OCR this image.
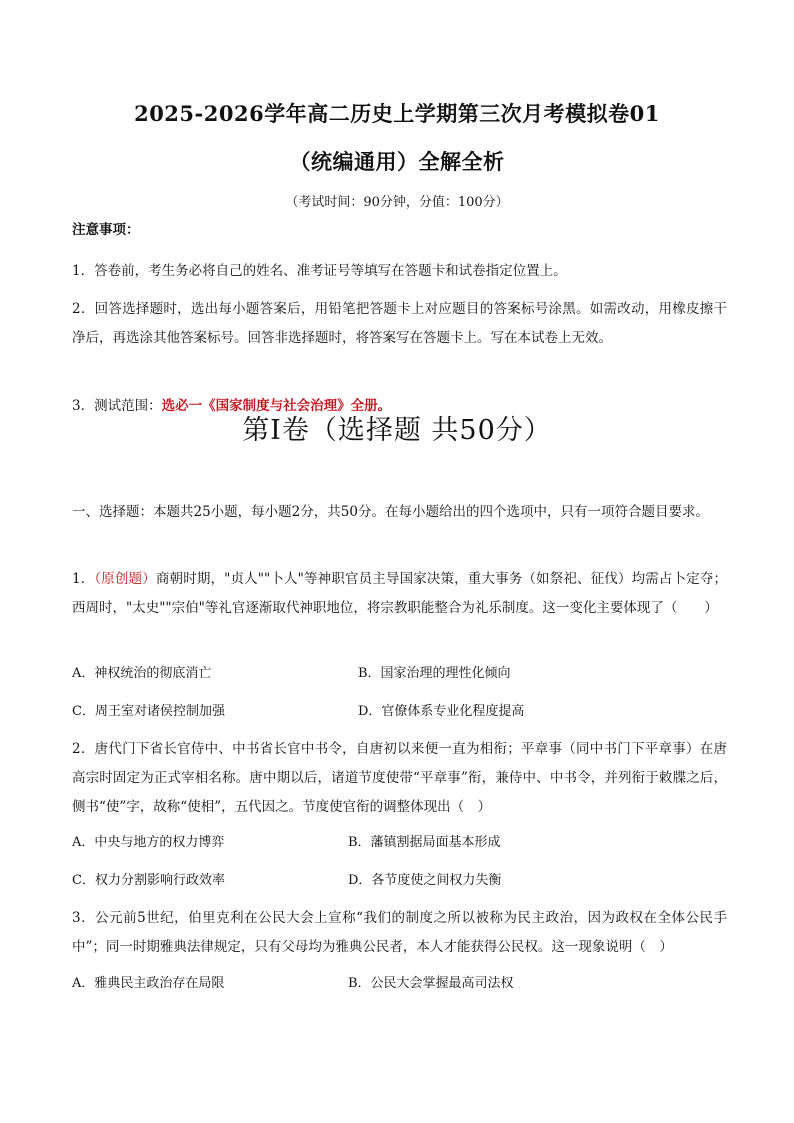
2025-2026学年高二历史上学期第三次月考模拟卷01
（统编通用）全解全析
（考试时间：90分钟，分值：100分）
注意事项：
1．答卷前，考生务必将自己的姓名、准考证号等填写在答题卡和试卷指定位置上。
2．回答选择题时，选出每小题答案后，用铅笔把答题卡上对应题目的答案标号涂黑。如需改动，用橡皮擦干净后，再选涂其他答案标号。回答非选择题时，将答案写在答题卡上。写在本试卷上无效。
3．测试范围：选必一《国家制度与社会治理》全册。
第Ⅰ卷（选择题 共50分）
一、选择题：本题共25小题，每小题2分，共50分。在每小题给出的四个选项中，只有一项符合题目要求。
1．（原创题）商朝时期，"贞人""卜人"等神职官员主导国家决策，重大事务（如祭祀、征伐）均需占卜定夺；西周时，"太史""宗伯"等礼官逐渐取代神职地位，将宗教职能整合为礼乐制度。这一变化主要体现了（　　）
A．神权统治的彻底消亡	B．国家治理的理性化倾向
C．周王室对诸侯控制加强	D．官僚体系专业化程度提高
2．唐代门下省长官侍中、中书省长官中书令，自唐初以来便一直为相衔；平章事（同中书门下平章事）在唐高宗时固定为正式宰相名称。唐中期以后，诸道节度使带“平章事”衔，兼侍中、中书令，并列衔于敕牒之后，侧书“使”字，故称“使相”，五代因之。节度使官衔的调整体现出（　）
A．中央与地方的权力博弈	B．藩镇割据局面基本形成
C．权力分割影响行政效率	D．各节度使之间权力失衡
3．公元前5世纪，伯里克利在公民大会上宣称“我们的制度之所以被称为民主政治，因为政权在全体公民手中”；同一时期雅典法律规定，只有父母均为雅典公民者，本人才能获得公民权。这一现象说明（　）
A．雅典民主政治存在局限	B．公民大会掌握最高司法权
